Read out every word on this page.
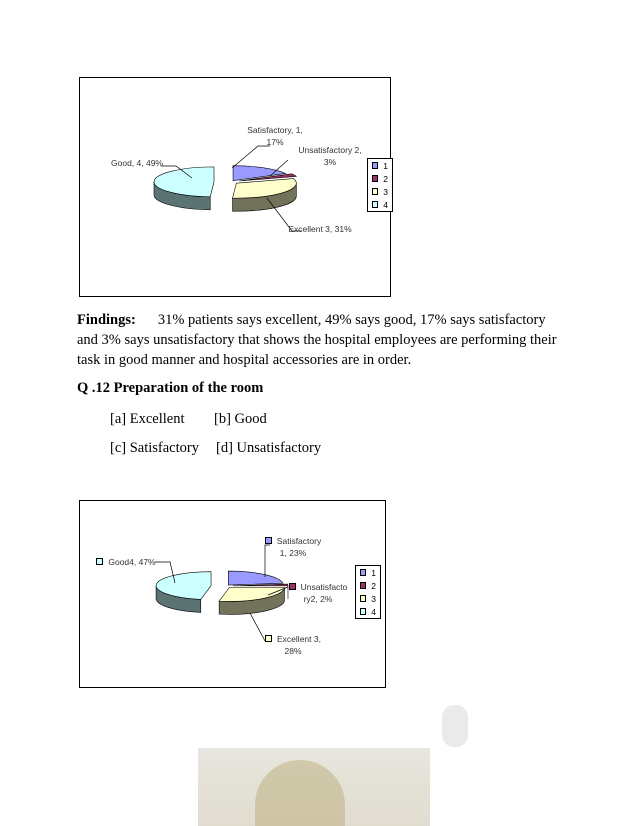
Satisfactory, 1,
17%
Unsatisfactory 2,
3%
Good, 4, 49%
Excellent 3, 31%
1
2
3
4
Findings: 31% patients says excellent, 49% says good, 17% says satisfactory
and 3% says unsatisfactory that shows the hospital employees are performing their
task in good manner and hospital accessories are in order.
Q .12 Preparation of the room
[a] Excellent [b] Good
[c] Satisfactory [d] Unsatisfactory
Satisfactory
1, 23%
Unsatisfacto
ry2, 2%
Good4, 47%
Excellent 3,
28%
1
2
3
4
